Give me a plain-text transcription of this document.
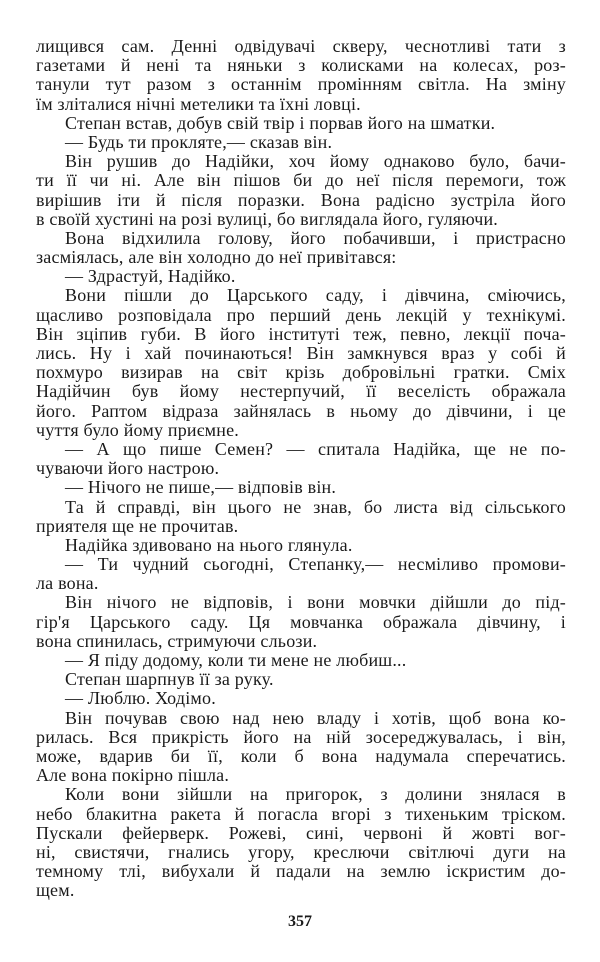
лищився сам. Денні одвідувачі скверу, чеснотливі тати з
газетами й нені та няньки з колисками на колесах, роз-
танули тут разом з останнім промінням світла. На зміну
їм зліталися нічні метелики та їхні ловці.
Степан встав, добув свій твір і порвав його на шматки.
— Будь ти прокляте,— сказав він.
Він рушив до Надійки, хоч йому однаково було, бачи-
ти її чи ні. Але він пішов би до неї після перемоги, тож
вирішив іти й після поразки. Вона радісно зустріла його
в своїй хустині на розі вулиці, бо виглядала його, гуляючи.
Вона відхилила голову, його побачивши, і пристрасно
засміялась, але він холодно до неї привітався:
— Здрастуй, Надійко.
Вони пішли до Царського саду, і дівчина, сміючись,
щасливо розповідала про перший день лекцій у технікумі.
Він зціпив губи. В його інституті теж, певно, лекції поча-
лись. Ну і хай починаються! Він замкнувся враз у собі й
похмуро визирав на світ крізь добровільні гратки. Сміх
Надійчин був йому нестерпучий, її веселість ображала
його. Раптом відраза зайнялась в ньому до дівчини, і це
чуття було йому приємне.
— А що пише Семен? — спитала Надійка, ще не по-
чуваючи його настрою.
— Нічого не пише,— відповів він.
Та й справді, він цього не знав, бо листа від сільського
приятеля ще не прочитав.
Надійка здивовано на нього глянула.
— Ти чудний сьогодні, Степанку,— несміливо промови-
ла вона.
Він нічого не відповів, і вони мовчки дійшли до під-
гір'я Царського саду. Ця мовчанка ображала дівчину, і
вона спинилась, стримуючи сльози.
— Я піду додому, коли ти мене не любиш...
Степан шарпнув її за руку.
— Люблю. Ходімо.
Він почував свою над нею владу і хотів, щоб вона ко-
рилась. Вся прикрість його на ній зосереджувалась, і він,
може, вдарив би її, коли б вона надумала сперечатись.
Але вона покірно пішла.
Коли вони зійшли на пригорок, з долини знялася в
небо блакитна ракета й погасла вгорі з тихеньким тріском.
Пускали фейерверк. Рожеві, сині, червоні й жовті вог-
ні, свистячи, гнались угору, креслючи світлючі дуги на
темному тлі, вибухали й падали на землю іскристим до-
щем.
357
